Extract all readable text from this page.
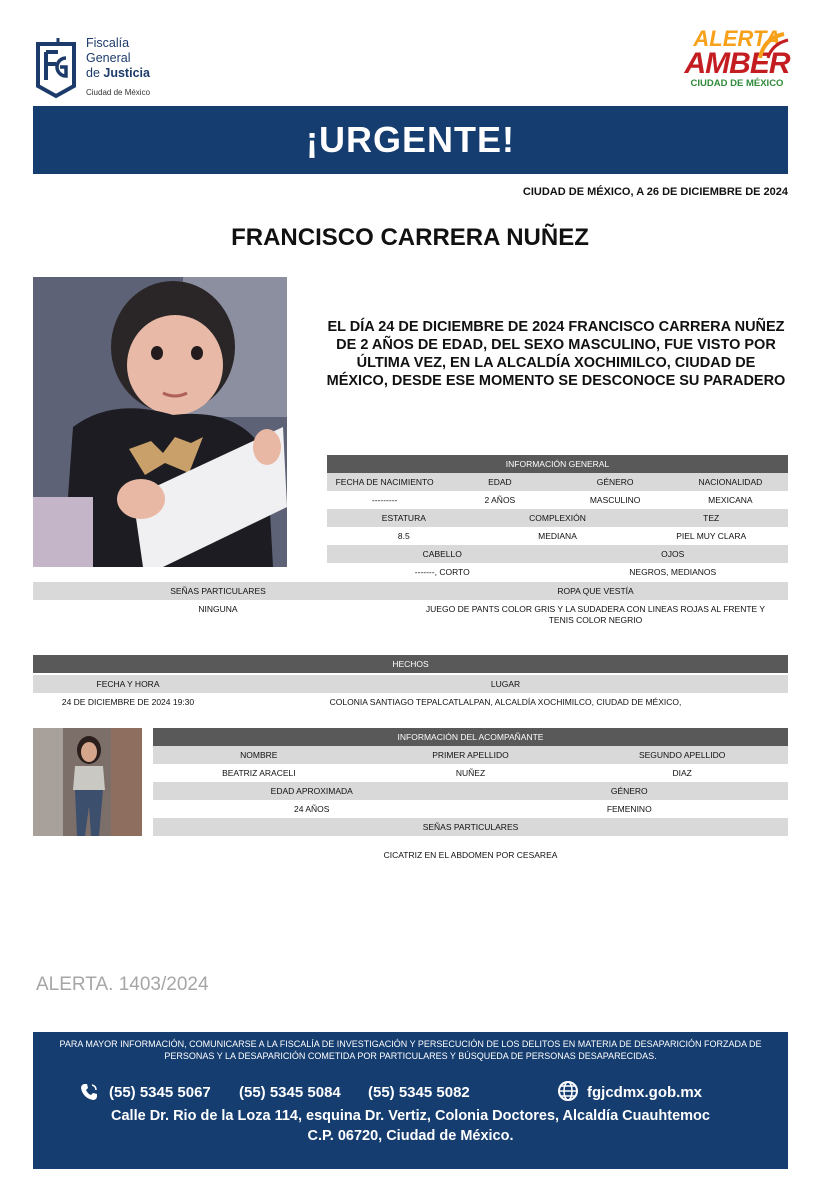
Fiscalía
General
de Justicia
Ciudad de México
ALERTA
AMBER
CIUDAD DE MÉXICO
¡URGENTE!
CIUDAD DE MÉXICO, A 26 DE DICIEMBRE DE 2024
FRANCISCO CARRERA NUÑEZ
EL DÍA 24 DE DICIEMBRE DE 2024 FRANCISCO CARRERA NUÑEZ DE 2 AÑOS DE EDAD, DEL SEXO MASCULINO, FUE VISTO POR ÚLTIMA VEZ, EN LA ALCALDÍA XOCHIMILCO, CIUDAD DE MÉXICO, DESDE ESE MOMENTO SE DESCONOCE SU PARADERO
INFORMACIÓN GENERAL
FECHA DE NACIMIENTO	EDAD	GÉNERO	NACIONALIDAD
---------	2 AÑOS	MASCULINO	MEXICANA
ESTATURA	COMPLEXIÓN	TEZ
8.5	MEDIANA	PIEL MUY CLARA
CABELLO	OJOS
-------, CORTO	NEGROS, MEDIANOS
SEÑAS PARTICULARES	ROPA QUE VESTÍA
NINGUNA	JUEGO DE PANTS COLOR GRIS Y LA SUDADERA CON LINEAS ROJAS AL FRENTE Y TENIS COLOR NEGRIO
HECHOS
FECHA Y HORA	LUGAR
24 DE DICIEMBRE DE 2024 19:30	COLONIA SANTIAGO TEPALCATLALPAN, ALCALDÍA XOCHIMILCO, CIUDAD DE MÉXICO,
INFORMACIÓN DEL ACOMPAÑANTE
NOMBRE	PRIMER APELLIDO	SEGUNDO APELLIDO
BEATRIZ ARACELI	NUÑEZ	DIAZ
EDAD APROXIMADA	GÉNERO
24 AÑOS	FEMENINO
SEÑAS PARTICULARES
CICATRIZ EN EL ABDOMEN POR CESAREA
ALERTA. 1403/2024
PARA MAYOR INFORMACIÓN, COMUNICARSE A LA FISCALÍA DE INVESTIGACIÓN Y PERSECUCIÓN DE LOS DELITOS EN MATERIA DE DESAPARICIÓN FORZADA DE PERSONAS Y LA DESAPARICIÓN COMETIDA POR PARTICULARES Y BÚSQUEDA DE PERSONAS DESAPARECIDAS.
(55) 5345 5067 (55) 5345 5084 (55) 5345 5082	fgjcdmx.gob.mx
Calle Dr. Rio de la Loza 114, esquina Dr. Vertiz, Colonia Doctores, Alcaldía Cuauhtemoc
C.P. 06720, Ciudad de México.
